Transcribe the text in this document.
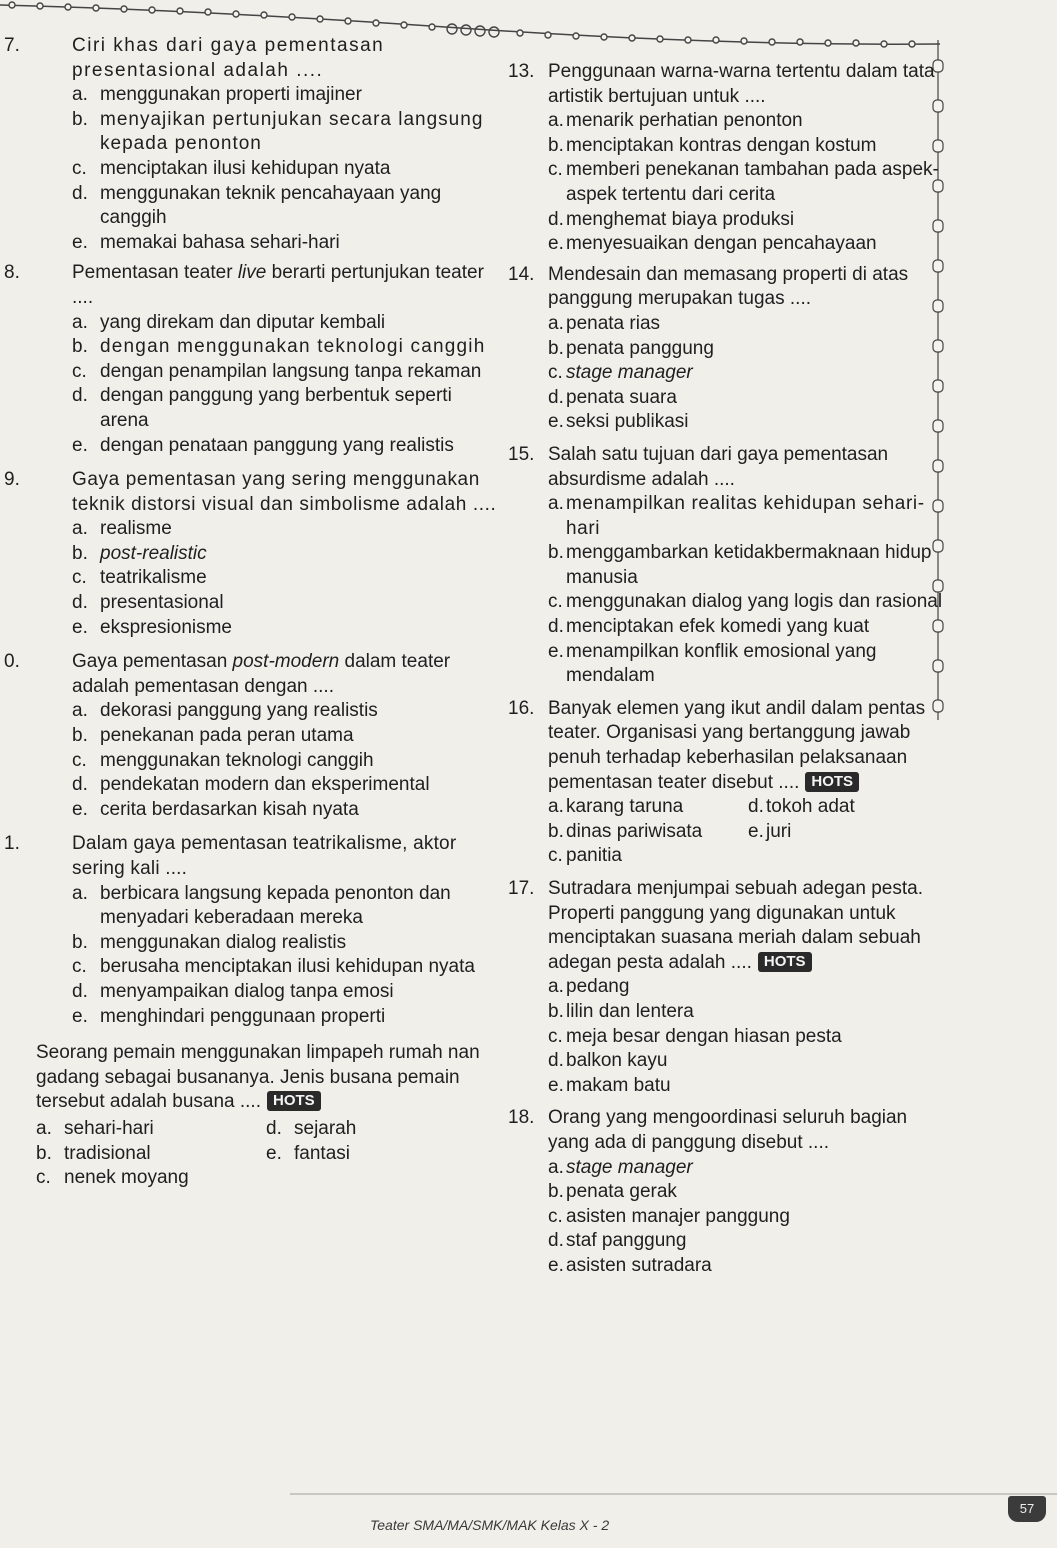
7.	Ciri khas dari gaya pementasan presentasional adalah ....
a. menggunakan properti imajiner
b. menyajikan pertunjukan secara langsung kepada penonton
c. menciptakan ilusi kehidupan nyata
d. menggunakan teknik pencahayaan yang canggih
e. memakai bahasa sehari-hari
8.	Pementasan teater live berarti pertunjukan teater ....
a. yang direkam dan diputar kembali
b. dengan menggunakan teknologi canggih
c. dengan penampilan langsung tanpa rekaman
d. dengan panggung yang berbentuk seperti arena
e. dengan penataan panggung yang realistis
9.	Gaya pementasan yang sering menggunakan teknik distorsi visual dan simbolisme adalah ....
a. realisme
b. post-realistic
c. teatrikalisme
d. presentasional
e. ekspresionisme
0.	Gaya pementasan post-modern dalam teater adalah pementasan dengan ....
a. dekorasi panggung yang realistis
b. penekanan pada peran utama
c. menggunakan teknologi canggih
d. pendekatan modern dan eksperimental
e. cerita berdasarkan kisah nyata
1.	Dalam gaya pementasan teatrikalisme, aktor sering kali ....
a. berbicara langsung kepada penonton dan menyadari keberadaan mereka
b. menggunakan dialog realistis
c. berusaha menciptakan ilusi kehidupan nyata
d. menyampaikan dialog tanpa emosi
e. menghindari penggunaan properti
Seorang pemain menggunakan limpapeh rumah nan gadang sebagai busananya. Jenis busana pemain tersebut adalah busana .... HOTS
a. sehari-hari	d. sejarah
b. tradisional	e. fantasi
c. nenek moyang
13. Penggunaan warna-warna tertentu dalam tata artistik bertujuan untuk ....
a. menarik perhatian penonton
b. menciptakan kontras dengan kostum
c. memberi penekanan tambahan pada aspek-aspek tertentu dari cerita
d. menghemat biaya produksi
e. menyesuaikan dengan pencahayaan
14. Mendesain dan memasang properti di atas panggung merupakan tugas ....
a. penata rias
b. penata panggung
c. stage manager
d. penata suara
e. seksi publikasi
15. Salah satu tujuan dari gaya pementasan absurdisme adalah ....
a. menampilkan realitas kehidupan sehari-hari
b. menggambarkan ketidakbermaknaan hidup manusia
c. menggunakan dialog yang logis dan rasional
d. menciptakan efek komedi yang kuat
e. menampilkan konflik emosional yang mendalam
16. Banyak elemen yang ikut andil dalam pentas teater. Organisasi yang bertanggung jawab penuh terhadap keberhasilan pelaksanaan pementasan teater disebut .... HOTS
a. karang taruna	d. tokoh adat
b. dinas pariwisata	e. juri
c. panitia
17. Sutradara menjumpai sebuah adegan pesta. Properti panggung yang digunakan untuk menciptakan suasana meriah dalam sebuah adegan pesta adalah .... HOTS
a. pedang
b. lilin dan lentera
c. meja besar dengan hiasan pesta
d. balkon kayu
e. makam batu
18. Orang yang mengoordinasi seluruh bagian yang ada di panggung disebut ....
a. stage manager
b. penata gerak
c. asisten manajer panggung
d. staf panggung
e. asisten sutradara
Teater SMA/MA/SMK/MAK Kelas X - 2
57
